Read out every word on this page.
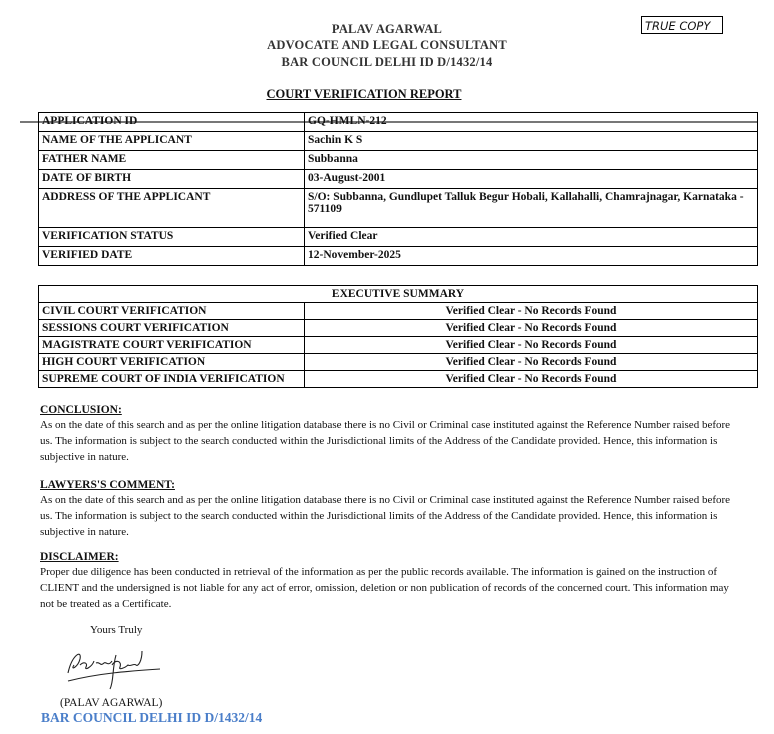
PALAV AGARWAL
ADVOCATE AND LEGAL CONSULTANT
BAR COUNCIL DELHI ID D/1432/14
TRUE COPY
COURT VERIFICATION REPORT
APPLICATION ID	GQ-HMLN-212
NAME OF THE APPLICANT	Sachin K S
FATHER NAME	Subbanna
DATE OF BIRTH	03-August-2001
ADDRESS OF THE APPLICANT	S/O: Subbanna, Gundlupet Talluk Begur Hobali, Kallahalli, Chamrajnagar, Karnataka - 571109
VERIFICATION STATUS	Verified Clear
VERIFIED DATE	12-November-2025
EXECUTIVE SUMMARY	
CIVIL COURT VERIFICATION	Verified Clear - No Records Found
SESSIONS COURT VERIFICATION	Verified Clear - No Records Found
MAGISTRATE COURT VERIFICATION	Verified Clear - No Records Found
HIGH COURT VERIFICATION	Verified Clear - No Records Found
SUPREME COURT OF INDIA VERIFICATION	Verified Clear - No Records Found
CONCLUSION:

As on the date of this search and as per the online litigation database there is no Civil or Criminal case instituted against the Reference Number raised before us. The information is subject to the search conducted within the Jurisdictional limits of the Address of the Candidate provided. Hence, this information is subjective in nature.

LAWYERS'S COMMENT:

As on the date of this search and as per the online litigation database there is no Civil or Criminal case instituted against the Reference Number raised before us. The information is subject to the search conducted within the Jurisdictional limits of the Address of the Candidate provided. Hence, this information is subjective in nature.

DISCLAIMER:

Proper due diligence has been conducted in retrieval of the information as per the public records available. The information is gained on the instruction of CLIENT and the undersigned is not liable for any act of error, omission, deletion or non publication of records of the concerned court. This information may not be treated as a Certificate.

Yours Truly
(PALAV AGARWAL)
BAR COUNCIL DELHI ID D/1432/14
